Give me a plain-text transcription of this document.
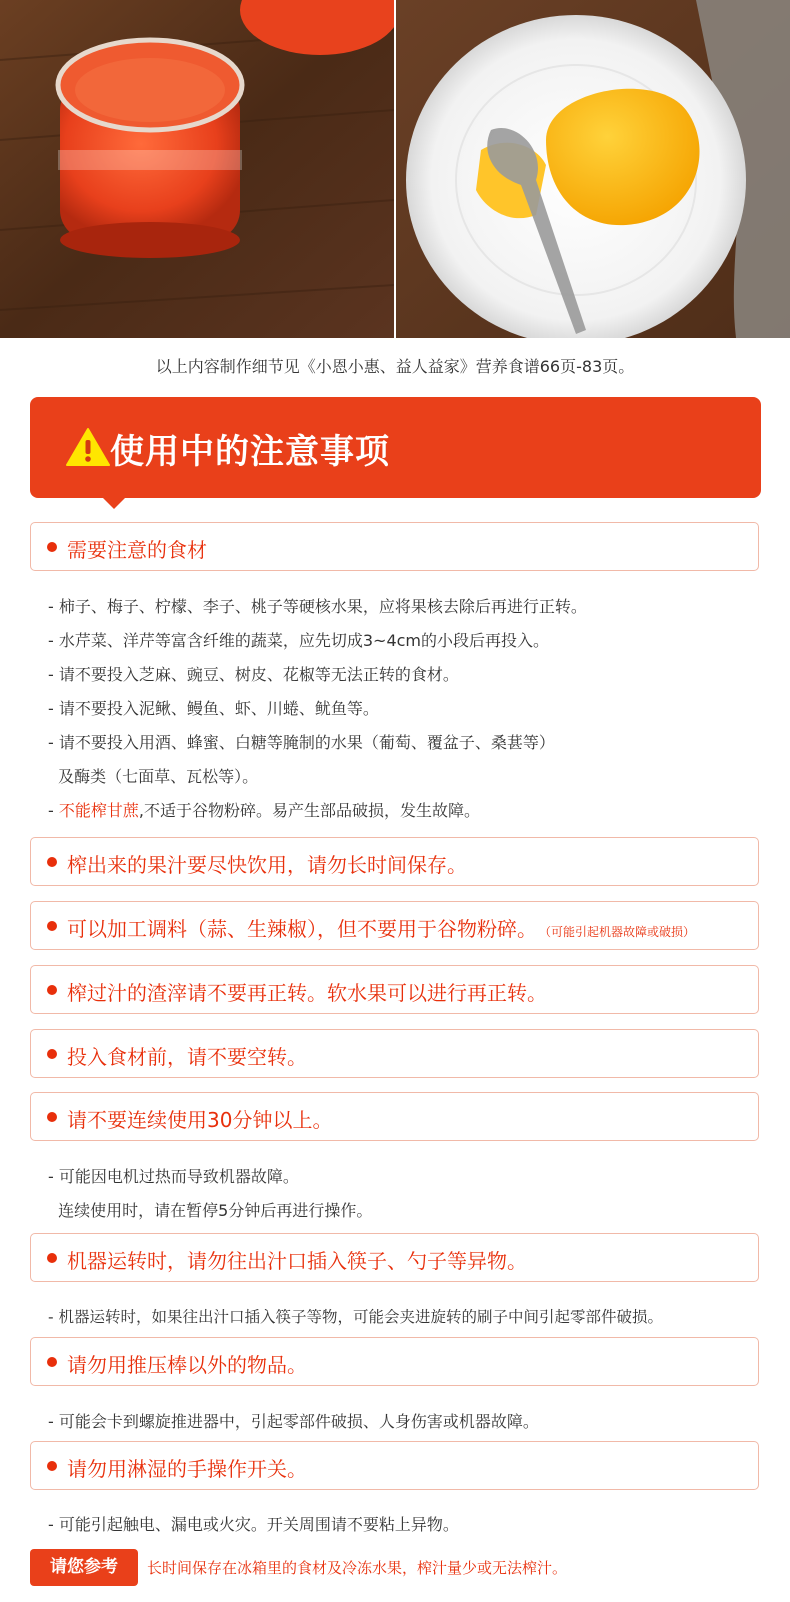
以上内容制作细节见《小恩小惠、益人益家》营养食谱66页-83页。
使用中的注意事项
需要注意的食材
- 柿子、梅子、柠檬、李子、桃子等硬核水果，应将果核去除后再进行正转。
- 水芹菜、洋芹等富含纤维的蔬菜，应先切成3~4cm的小段后再投入。
- 请不要投入芝麻、豌豆、树皮、花椒等无法正转的食材。
- 请不要投入泥鳅、鳗鱼、虾、川蜷、鱿鱼等。
- 请不要投入用酒、蜂蜜、白糖等腌制的水果（葡萄、覆盆子、桑葚等）
及酶类（七面草、瓦松等）。
- 不能榨甘蔗,不适于谷物粉碎。易产生部品破损，发生故障。
榨出来的果汁要尽快饮用，请勿长时间保存。
可以加工调料（蒜、生辣椒），但不要用于谷物粉碎。 （可能引起机器故障或破损）
榨过汁的渣滓请不要再正转。软水果可以进行再正转。
投入食材前，请不要空转。
请不要连续使用30分钟以上。
- 可能因电机过热而导致机器故障。
连续使用时，请在暂停5分钟后再进行操作。
机器运转时，请勿往出汁口插入筷子、勺子等异物。
- 机器运转时，如果往出汁口插入筷子等物，可能会夹进旋转的刷子中间引起零部件破损。
请勿用推压棒以外的物品。
- 可能会卡到螺旋推进器中，引起零部件破损、人身伤害或机器故障。
请勿用淋湿的手操作开关。
- 可能引起触电、漏电或火灾。开关周围请不要粘上异物。
请您参考	长时间保存在冰箱里的食材及冷冻水果，榨汁量少或无法榨汁。
